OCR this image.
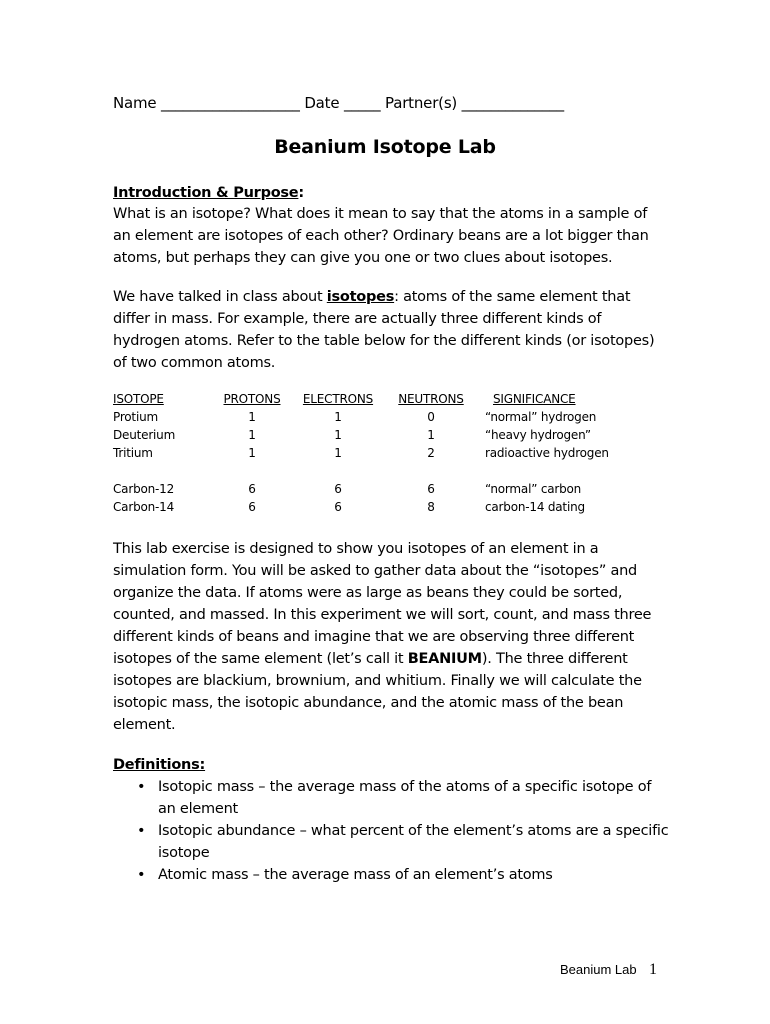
Name ___________________ Date _____ Partner(s) ______________
Beanium Isotope Lab
Introduction & Purpose:
What is an isotope? What does it mean to say that the atoms in a sample of an element are isotopes of each other? Ordinary beans are a lot bigger than atoms, but perhaps they can give you one or two clues about isotopes.
We have talked in class about isotopes: atoms of the same element that differ in mass. For example, there are actually three different kinds of hydrogen atoms. Refer to the table below for the different kinds (or isotopes) of two common atoms.
ISOTOPE	PROTONS	ELECTRONS	NEUTRONS	SIGNIFICANCE
Protium	1	1	0	“normal” hydrogen
Deuterium	1	1	1	“heavy hydrogen”
Tritium	1	1	2	radioactive hydrogen

Carbon-12	6	6	6	“normal” carbon
Carbon-14	6	6	8	carbon-14 dating
This lab exercise is designed to show you isotopes of an element in a simulation form. You will be asked to gather data about the “isotopes” and organize the data. If atoms were as large as beans they could be sorted, counted, and massed. In this experiment we will sort, count, and mass three different kinds of beans and imagine that we are observing three different isotopes of the same element (let’s call it BEANIUM). The three different isotopes are blackium, brownium, and whitium. Finally we will calculate the isotopic mass, the isotopic abundance, and the atomic mass of the bean element.
Definitions:
• Isotopic mass – the average mass of the atoms of a specific isotope of an element
• Isotopic abundance – what percent of the element’s atoms are a specific isotope
• Atomic mass – the average mass of an element’s atoms
Beanium Lab 1
